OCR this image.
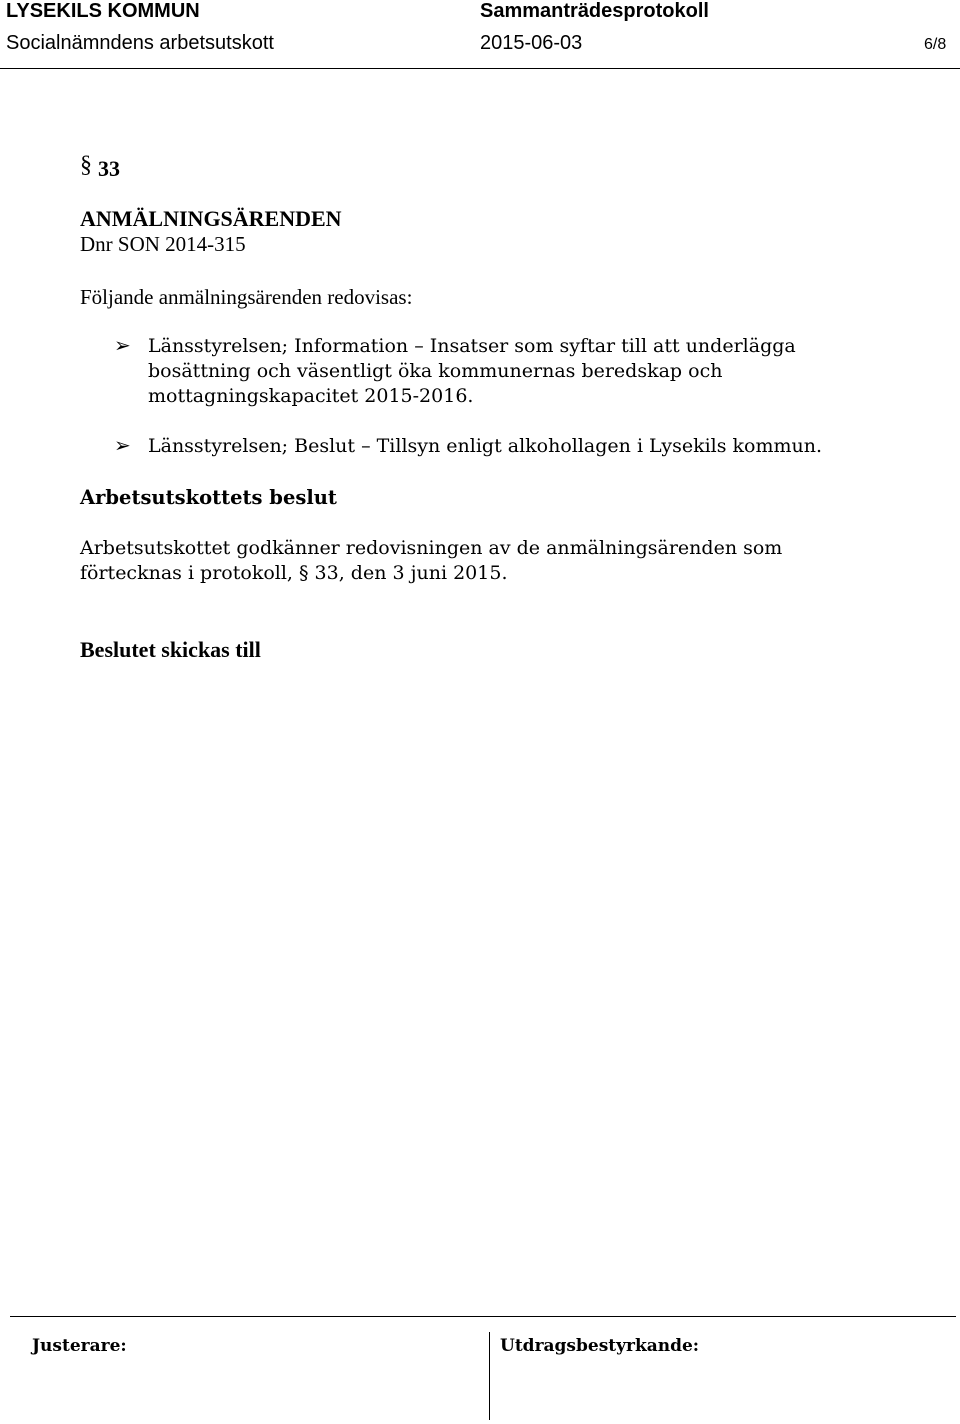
LYSEKILS KOMMUN	Sammanträdesprotokoll
Socialnämndens arbetsutskott	2015-06-03	6/8
§ 33
ANMÄLNINGSÄRENDEN
Dnr SON 2014-315
Följande anmälningsärenden redovisas:
➢ Länsstyrelsen; Information – Insatser som syftar till att underlägga
bosättning och väsentligt öka kommunernas beredskap och
mottagningskapacitet 2015-2016.
➢ Länsstyrelsen; Beslut – Tillsyn enligt alkohollagen i Lysekils kommun.
Arbetsutskottets beslut
Arbetsutskottet godkänner redovisningen av de anmälningsärenden som
förtecknas i protokoll, § 33, den 3 juni 2015.
Beslutet skickas till
Justerare:	Utdragsbestyrkande:
